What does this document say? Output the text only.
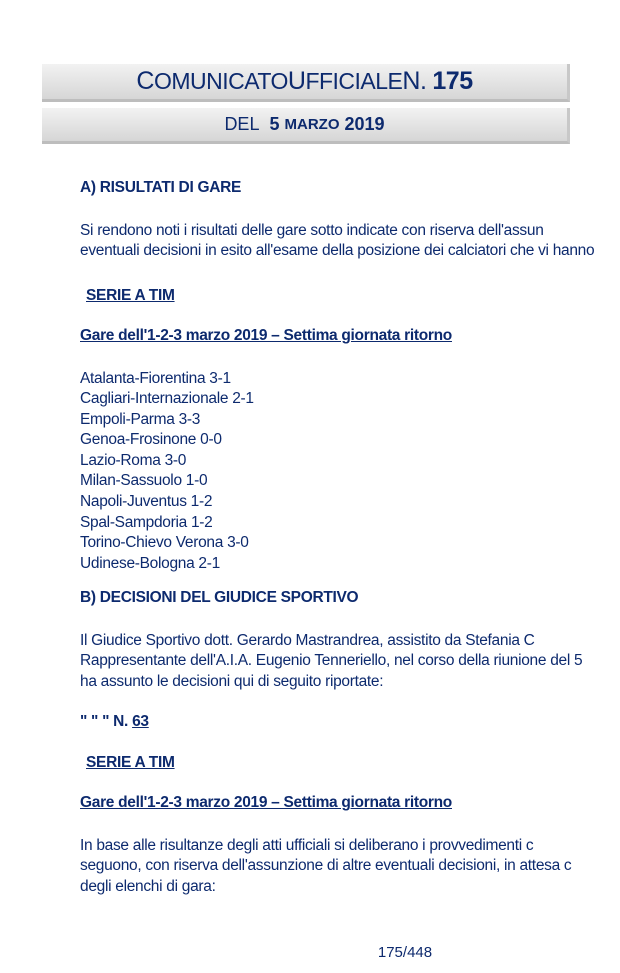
C OMUNICATO U FFICIALE N. 175
DEL
5
MARZO
2019

A) RISULTATI DI GARE

Si rendono noti i risultati delle gare sotto indicate con riserva dell'assun

eventuali decisioni in esito all'esame della posizione dei calciatori che vi hanno

SERIE A TIM

Gare dell'1-2-3 marzo 2019 – Settima giornata ritorno

Atalanta-Fiorentina 3-1
Cagliari-Internazionale 2-1
Empoli-Parma 3-3
Genoa-Frosinone 0-0
Lazio-Roma 3-0
Milan-Sassuolo 1-0
Napoli-Juventus 1-2
Spal-Sampdoria 1-2
Torino-Chievo Verona 3-0
Udinese-Bologna 2-1

B) DECISIONI DEL GIUDICE SPORTIVO

Il Giudice Sportivo dott. Gerardo Mastrandrea, assistito da Stefania C

Rappresentante dell'A.I.A. Eugenio Tenneriello, nel corso della riunione del 5

ha assunto le decisioni qui di seguito riportate:

" " " N. 63

SERIE A TIM

Gare dell'1-2-3 marzo 2019 – Settima giornata ritorno

In base alle risultanze degli atti ufficiali si deliberano i provvedimenti c

seguono, con riserva dell'assunzione di altre eventuali decisioni, in attesa c

degli elenchi di gara:

175/448
